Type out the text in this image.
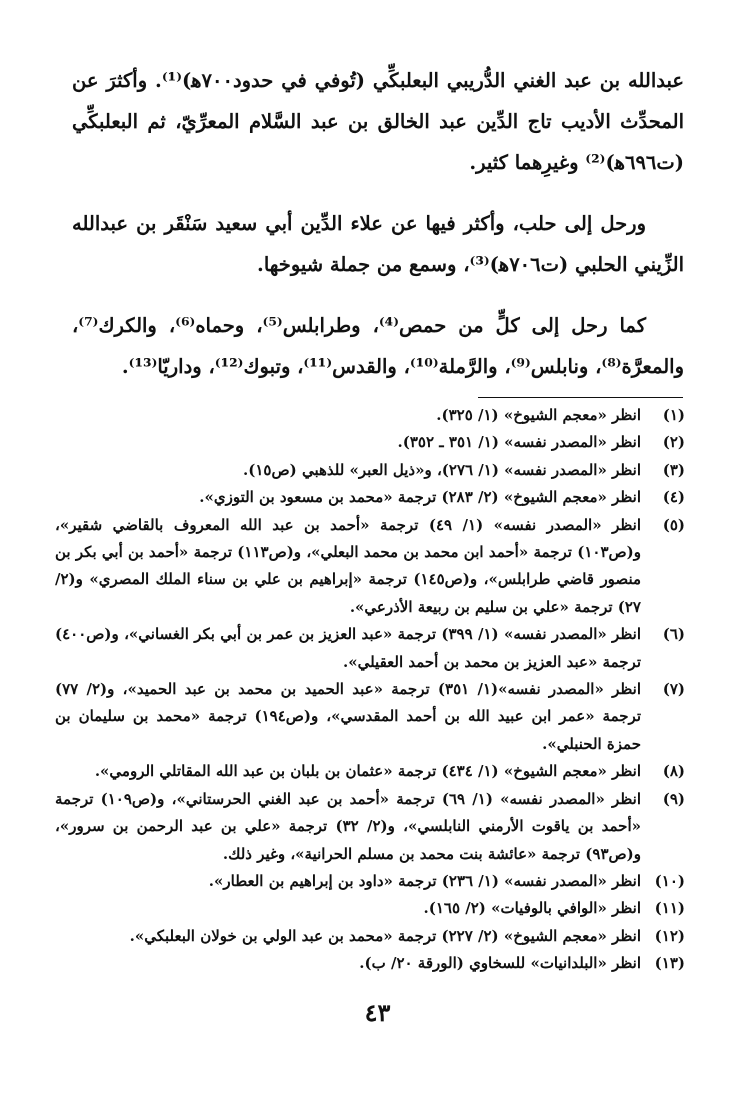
عبدالله بن عبد الغني الدُّريبي البعلبكِّي (تُوفي في حدود٧٠٠ﻫ)⁽¹⁾. وأكثرَ عن المحدِّث الأديب تاج الدِّين عبد الخالق بن عبد السَّلام المعرِّيّ، ثم البعلبكِّي (ت٦٩٦ﻫ)⁽²⁾ وغيرِهما كثير.

ورحل إلى حلب، وأكثر فيها عن علاء الدِّين أبي سعيد سَنْقَر بن عبدالله الزِّيني الحلبي (ت٧٠٦ﻫ)⁽³⁾، وسمع من جملة شيوخها.

كما رحل إلى كلٍّ من حمص⁽⁴⁾، وطرابلس⁽⁵⁾، وحماه⁽⁶⁾، والكرك⁽⁷⁾، والمعرَّة⁽⁸⁾، ونابلس⁽⁹⁾، والرَّملة⁽¹⁰⁾، والقدس⁽¹¹⁾، وتبوك⁽¹²⁾، وداريّا⁽¹³⁾.

(١)
انظر «معجم الشيوخ» (١/ ٣٢٥).
(٢)
انظر «المصدر نفسه» (١/ ٣٥١ ـ ٣٥٢).
(٣)
انظر «المصدر نفسه» (١/ ٢٧٦)، و«ذيل العبر» للذهبي (ص١٥).
(٤)
انظر «معجم الشيوخ» (٢/ ٢٨٣) ترجمة «محمد بن مسعود بن التوزي».
(٥)
انظر «المصدر نفسه» (١/ ٤٩) ترجمة «أحمد بن عبد الله المعروف بالقاضي شقير»، و(ص١٠٣) ترجمة «أحمد ابن محمد بن محمد البعلي»، و(ص١١٣) ترجمة «أحمد بن أبي بكر بن منصور قاضي طرابلس»، و(ص١٤٥) ترجمة «إبراهيم بن علي بن سناء الملك المصري» و(٢/ ٢٧) ترجمة «علي بن سليم بن ربيعة الأذرعي».
(٦)
انظر «المصدر نفسه» (١/ ٣٩٩) ترجمة «عبد العزيز بن عمر بن أبي بكر الغساني»، و(ص٤٠٠) ترجمة «عبد العزيز بن محمد بن أحمد العقيلي».
(٧)
انظر «المصدر نفسه»(١/ ٣٥١) ترجمة «عبد الحميد بن محمد بن عبد الحميد»، و(٢/ ٧٧) ترجمة «عمر ابن عبيد الله بن أحمد المقدسي»، و(ص١٩٤) ترجمة «محمد بن سليمان بن حمزة الحنبلي».
(٨)
انظر «معجم الشيوخ» (١/ ٤٣٤) ترجمة «عثمان بن بلبان بن عبد الله المقاتلي الرومي».
(٩)
انظر «المصدر نفسه» (١/ ٦٩) ترجمة «أحمد بن عبد الغني الحرستاني»، و(ص١٠٩) ترجمة «أحمد بن ياقوت الأرمني النابلسي»، و(٢/ ٣٢) ترجمة «علي بن عبد الرحمن بن سرور»، و(ص٩٣) ترجمة «عائشة بنت محمد بن مسلم الحرانية»، وغير ذلك.
(١٠)
انظر «المصدر نفسه» (١/ ٢٣٦) ترجمة «داود بن إبراهيم بن العطار».
(١١)
انظر «الوافي بالوفيات» (٢/ ١٦٥).
(١٢)
انظر «معجم الشيوخ» (٢/ ٢٢٧) ترجمة «محمد بن عبد الولي بن خولان البعلبكي».
(١٣)
انظر «البلدانيات» للسخاوي (الورقة ٢٠/ ب).
٤٣
